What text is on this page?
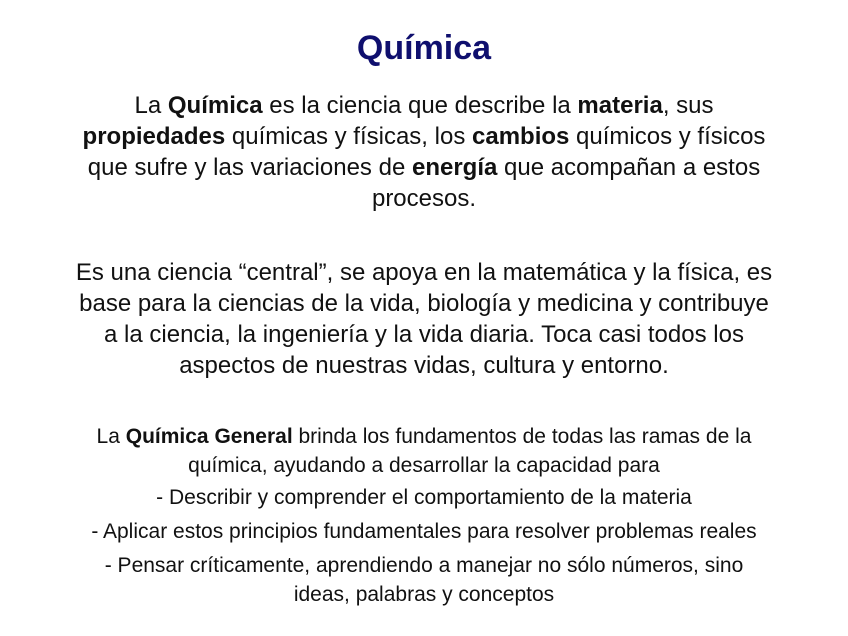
Química

La Química es la ciencia que describe la materia, sus
propiedades químicas y físicas, los cambios químicos y físicos
que sufre y las variaciones de energía que acompañan a estos
procesos.

Es una ciencia “central”, se apoya en la matemática y la física, es
base para la ciencias de la vida, biología y medicina y contribuye
a la ciencia, la ingeniería y la vida diaria. Toca casi todos los
aspectos de nuestras vidas, cultura y entorno.

La Química General brinda los fundamentos de todas las ramas de la
química, ayudando a desarrollar la capacidad para

- Describir y comprender el comportamiento de la materia

- Aplicar estos principios fundamentales para resolver problemas reales

- Pensar críticamente, aprendiendo a manejar no sólo números, sino
ideas, palabras y conceptos
